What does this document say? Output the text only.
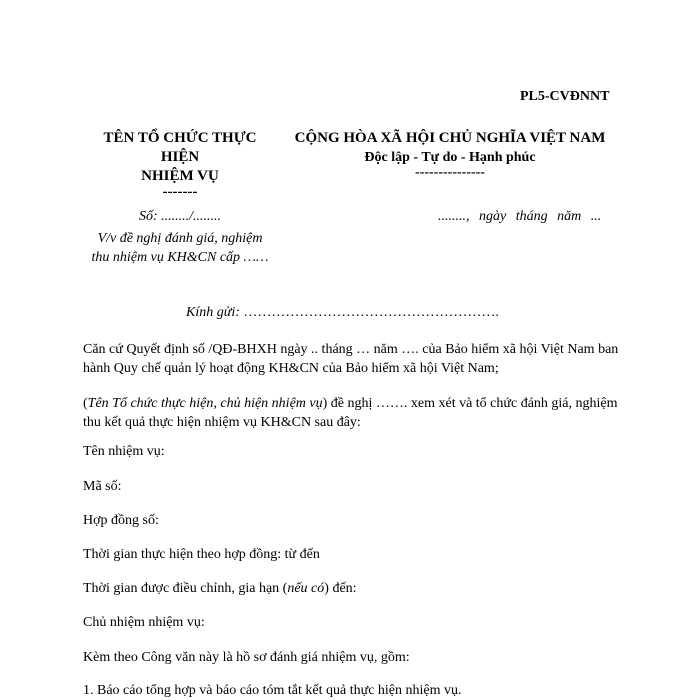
PL5-CVĐNNT
TÊN TỔ CHỨC THỰC
HIỆN
NHIỆM VỤ
-------
CỘNG HÒA XÃ HỘI CHỦ NGHĨA VIỆT NAM
Độc lập - Tự do - Hạnh phúc
---------------
Số: ......../........
V/v đề nghị đánh giá, nghiệm
thu nhiệm vụ KH&CN cấp ……
........, ngày tháng năm ...
Kính gửi: ……………………………………………….
Căn cứ Quyết định số /QĐ-BHXH ngày .. tháng … năm …. của Bảo hiểm xã hội Việt Nam ban hành Quy chế quản lý hoạt động KH&CN của Bảo hiểm xã hội Việt Nam;
(Tên Tổ chức thực hiện, chủ hiện nhiệm vụ) đề nghị ……. xem xét và tổ chức đánh giá, nghiệm thu kết quả thực hiện nhiệm vụ KH&CN sau đây:
Tên nhiệm vụ:
Mã số:
Hợp đồng số:
Thời gian thực hiện theo hợp đồng: từ đến
Thời gian được điều chỉnh, gia hạn (nếu có) đến:
Chủ nhiệm nhiệm vụ:
Kèm theo Công văn này là hồ sơ đánh giá nhiệm vụ, gồm:
1. Báo cáo tổng hợp và báo cáo tóm tắt kết quả thực hiện nhiệm vụ.
